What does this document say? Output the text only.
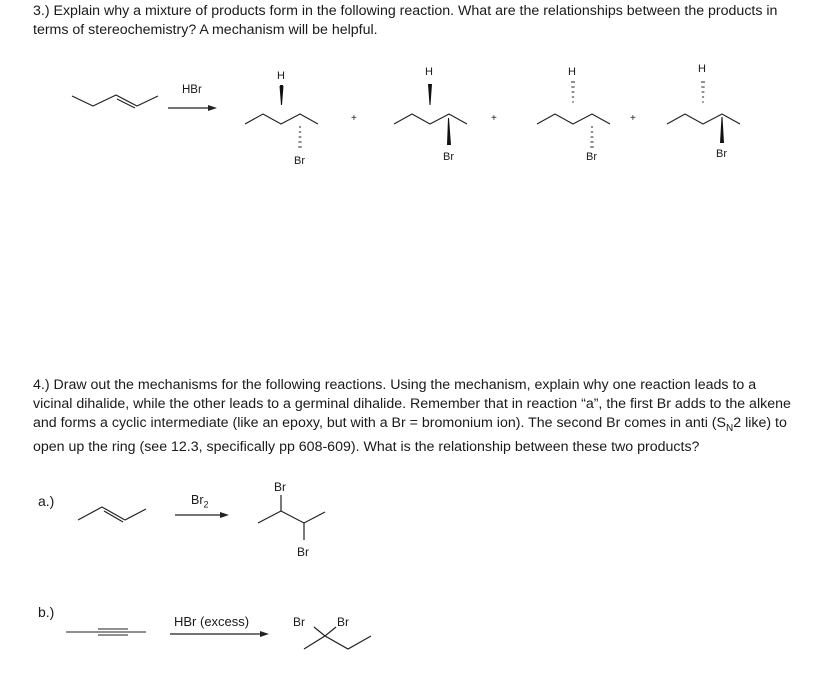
3.) Explain why a mixture of products form in the following reaction. What are the relationships between the products in terms of stereochemistry? A mechanism will be helpful.
4.) Draw out the mechanisms for the following reactions. Using the mechanism, explain why one reaction leads to a vicinal dihalide, while the other leads to a germinal dihalide. Remember that in reaction “a”, the first Br adds to the alkene and forms a cyclic intermediate (like an epoxy, but with a Br = bromonium ion). The second Br comes in anti ($S_N2$ like) to open up the ring (see 12.3, specifically pp 608-609). What is the relationship between these two products?
HBr
H
Br
+
H
Br
+
H
Br
+
H
Br
a.)	$Br_2$
Br
Br
b.)
HBr (excess)	Br	Br
